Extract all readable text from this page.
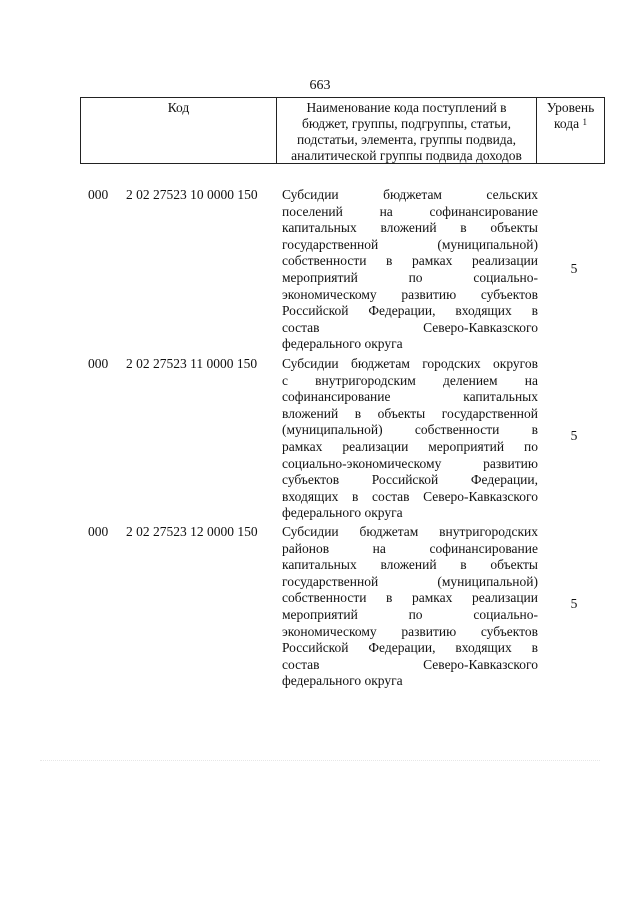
663
Код	Наименование кода поступлений в
бюджет, группы, подгруппы, статьи,
подстатьи, элемента, группы подвида,
аналитической группы подвида доходов
Уровень
кода $^1$
000 2 02 27523 10 0000 150 Субсидии бюджетам сельских
поселений на софинансирование
капитальных вложений в объекты
государственной (муниципальной)
собственности в рамках реализации
мероприятий по социально-
экономическому развитию субъектов
Российской Федерации, входящих в
состав Северо-Кавказского
федерального округа
5
000 2 02 27523 11 0000 150 Субсидии бюджетам городских округов
с внутригородским делением на
софинансирование капитальных
вложений в объекты государственной
(муниципальной) собственности в
рамках реализации мероприятий по
социально-экономическому развитию
субъектов Российской Федерации,
входящих в состав Северо-Кавказского
федерального округа
5
000 2 02 27523 12 0000 150 Субсидии бюджетам внутригородских
районов на софинансирование
капитальных вложений в объекты
государственной (муниципальной)
собственности в рамках реализации
мероприятий по социально-
экономическому развитию субъектов
Российской Федерации, входящих в
состав Северо-Кавказского
федерального округа
5
